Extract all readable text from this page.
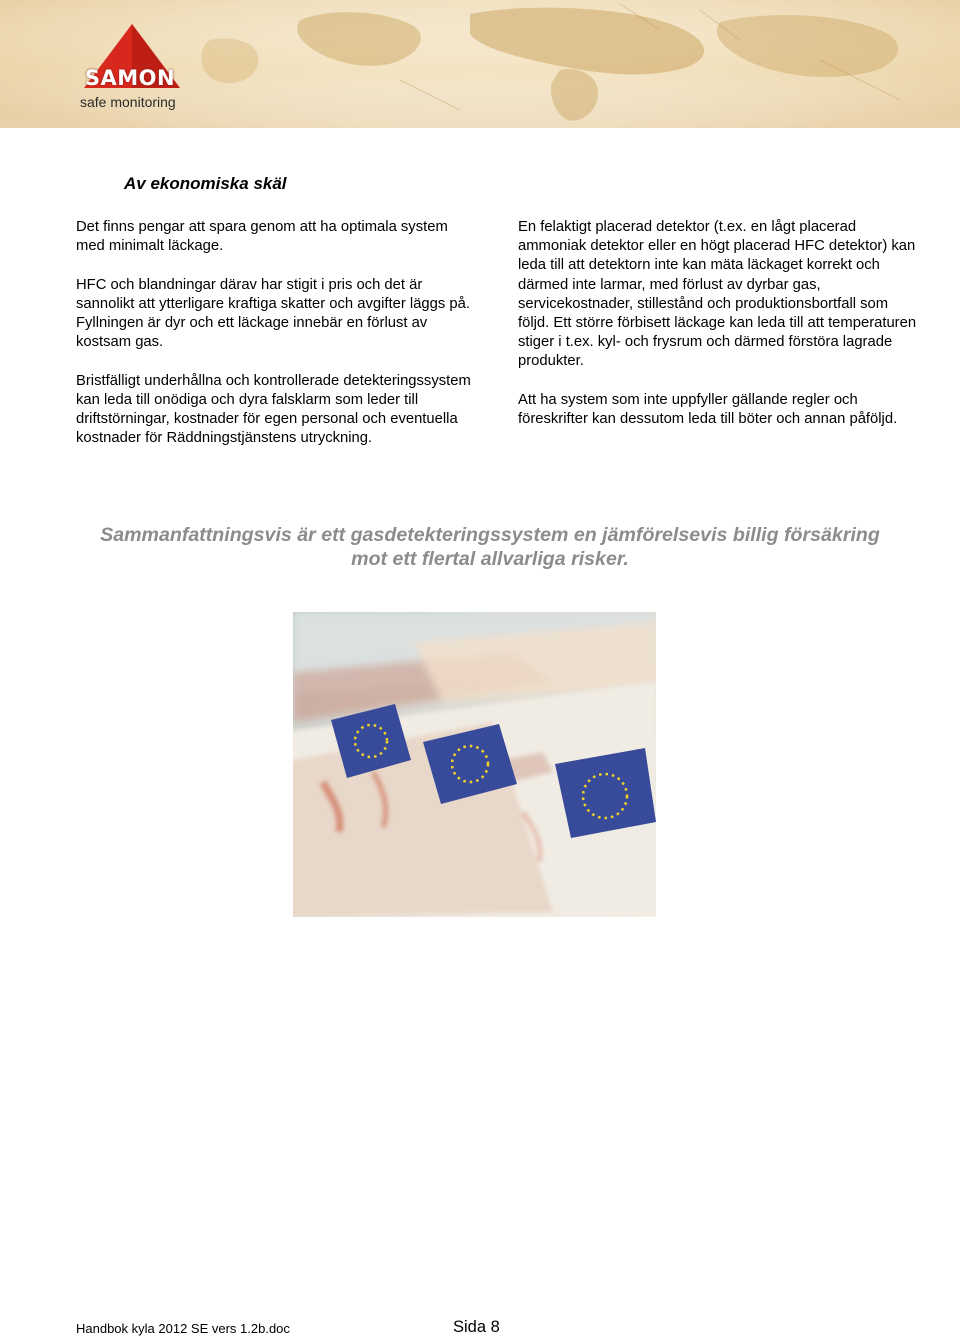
SAMON
safe monitoring
Av ekonomiska skäl

Det finns pengar att spara genom att ha optimala system med minimalt läckage.

HFC och blandningar därav har stigit i pris och det är sannolikt att ytterligare kraftiga skatter och avgifter läggs på. Fyllningen är dyr och ett läckage innebär en förlust av kostsam gas.

Bristfälligt underhållna och kontrollerade detekteringssystem kan leda till onödiga och dyra falsklarm som leder till driftstörningar, kostnader för egen personal och eventuella kostnader för Räddningstjänstens utryckning.

En felaktigt placerad detektor (t.ex. en lågt placerad ammoniak detektor eller en högt placerad HFC detektor) kan leda till att detektorn inte kan mäta läckaget korrekt och därmed inte larmar, med förlust av dyrbar gas, servicekostnader, stillestånd och produktionsbortfall som följd. Ett större förbisett läckage kan leda till att temperaturen stiger i t.ex. kyl- och frysrum och därmed förstöra lagrade produkter.

Att ha system som inte uppfyller gällande regler och föreskrifter kan dessutom leda till böter och annan påföljd.

Sammanfattningsvis är ett gasdetekteringssystem en jämförelsevis billig försäkring mot ett flertal allvarliga risker.

Handbok kyla 2012 SE vers 1.2b.doc	Sida 8
